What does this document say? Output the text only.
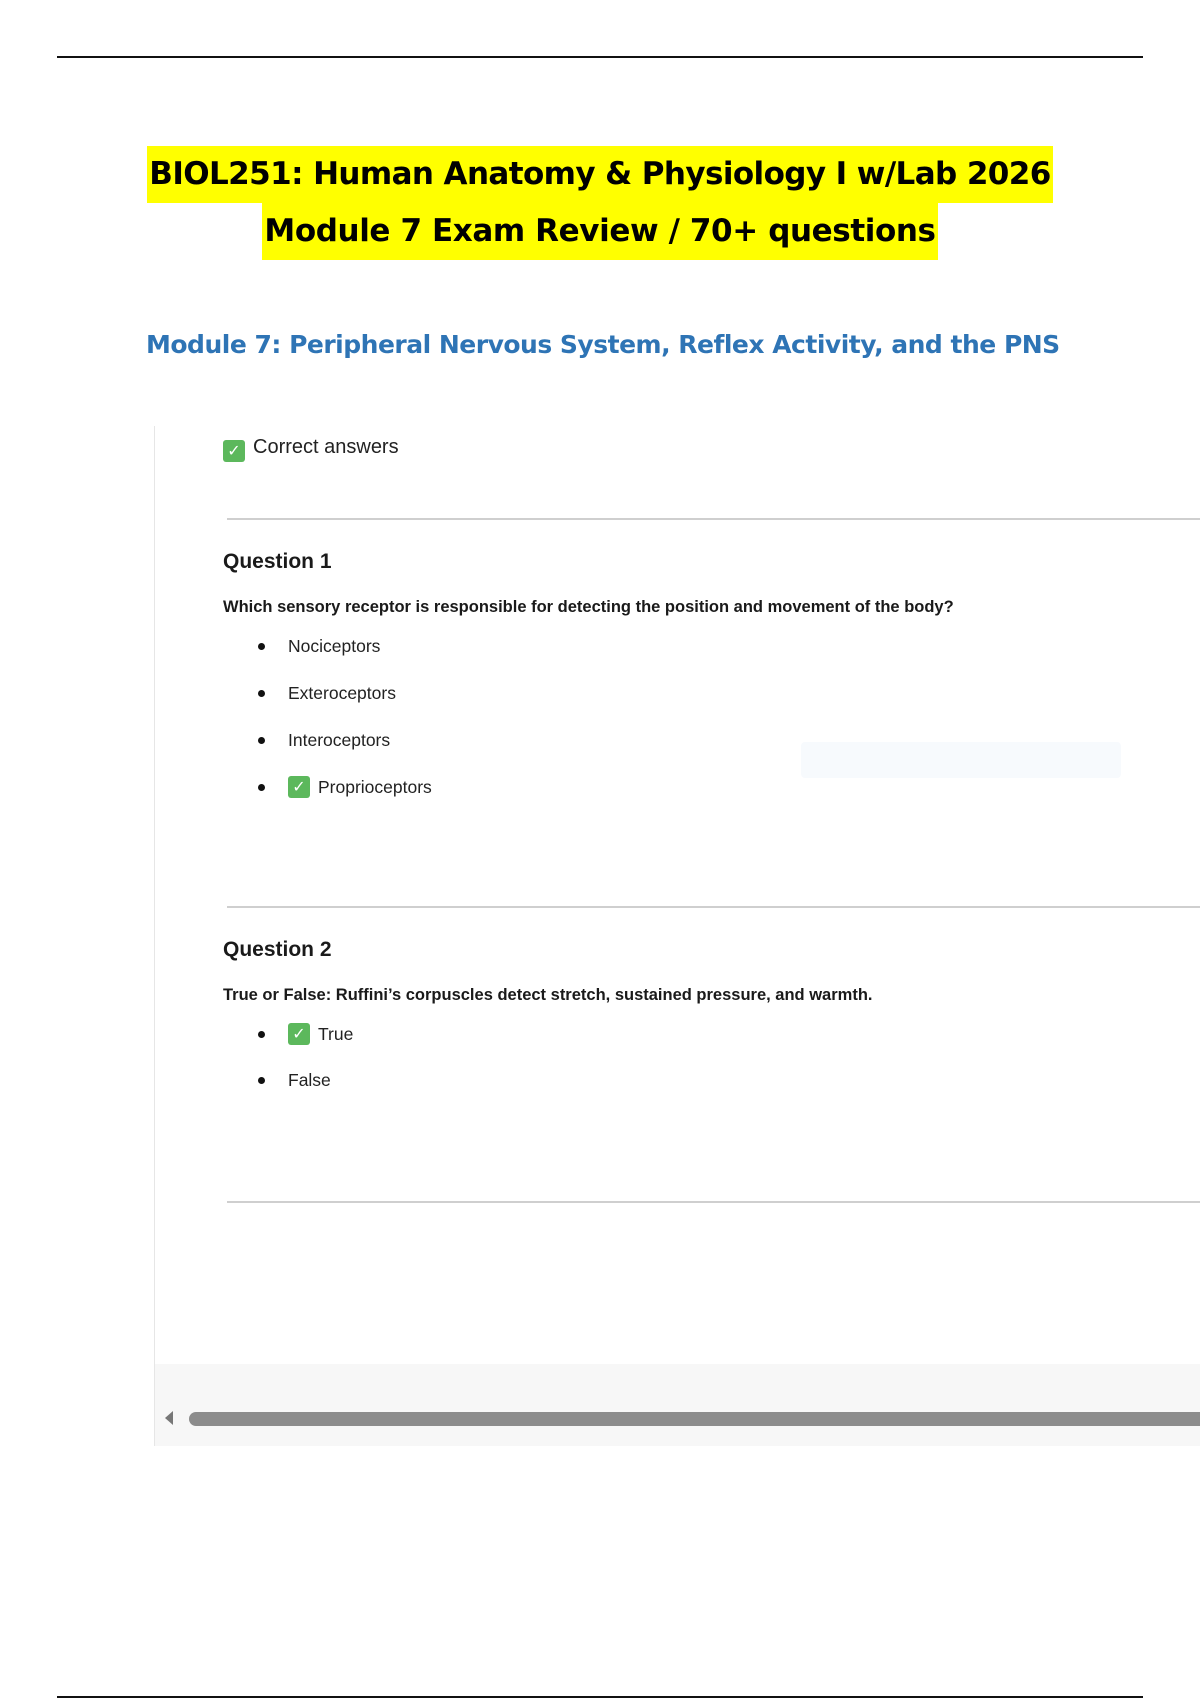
BIOL251: Human Anatomy & Physiology I w/Lab 2026
Module 7 Exam Review / 70+ questions
Module 7: Peripheral Nervous System, Reflex Activity, and the PNS
✓ Correct answers
Question 1
Which sensory receptor is responsible for detecting the position and movement of the body?
Nociceptors
Exteroceptors
Interoceptors
✓ Proprioceptors
Question 2
True or False: Ruffini’s corpuscles detect stretch, sustained pressure, and warmth.
✓ True
False
